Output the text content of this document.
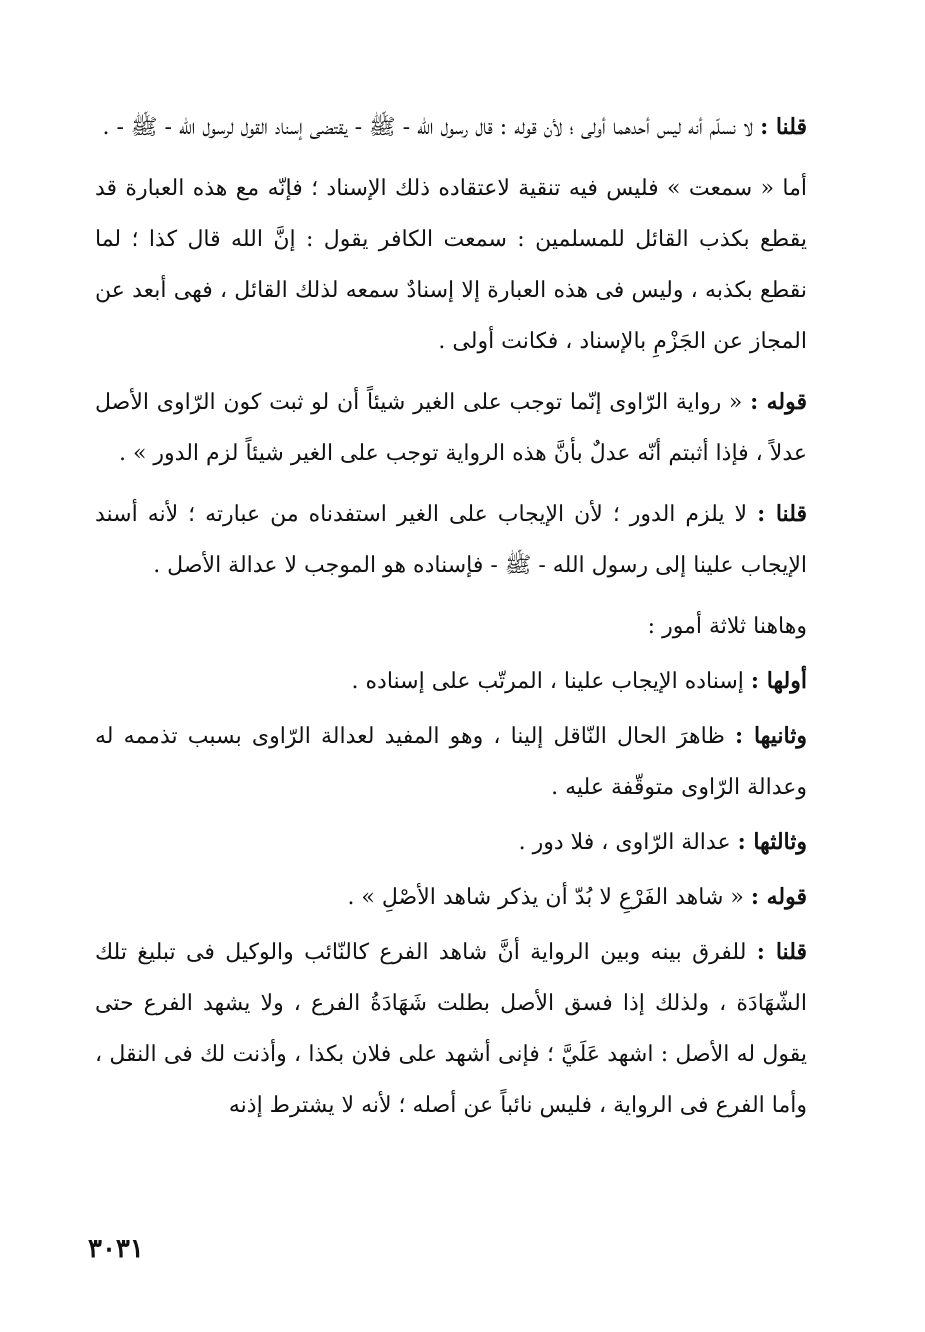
قلنا : لا نسلّم أنه ليس أحدهما أولى ؛ لأن قوله : قال رسول الله - ﷺ - يقتضى إسناد القول لرسول الله - ﷺ - .

أما « سمعت » فليس فيه تنقية لاعتقاده ذلك الإسناد ؛ فإنّه مع هذه العبارة قد يقطع بكذب القائل للمسلمين : سمعت الكافر يقول : إنَّ الله قال كذا ؛ لما نقطع بكذبه ، وليس فى هذه العبارة إلا إسنادٌ سمعه لذلك القائل ، فهى أبعد عن المجاز عن الجَزْمِ بالإسناد ، فكانت أولى .

قوله : « رواية الرّاوى إنّما توجب على الغير شيئاً أن لو ثبت كون الرّاوى الأصل عدلاً ، فإذا أثبتم أنّه عدلٌ بأنَّ هذه الرواية توجب على الغير شيئاً لزم الدور » .

قلنا : لا يلزم الدور ؛ لأن الإيجاب على الغير استفدناه من عبارته ؛ لأنه أسند الإيجاب علينا إلى رسول الله - ﷺ - فإسناده هو الموجب لا عدالة الأصل .

وهاهنا ثلاثة أمور :

أولها : إسناده الإيجاب علينا ، المرتّب على إسناده .

وثانيها : ظاهرَ الحال النّاقل إلينا ، وهو المفيد لعدالة الرّاوى بسبب تذممه له وعدالة الرّاوى متوقّفة عليه .

وثالثها : عدالة الرّاوى ، فلا دور .

قوله : « شاهد الفَرْعِ لا بُدّ أن يذكر شاهد الأصْلِ » .

قلنا : للفرق بينه وبين الرواية أنَّ شاهد الفرع كالنّائب والوكيل فى تبليغ تلك الشّهَادَة ، ولذلك إذا فسق الأصل بطلت شَهَادَةُ الفرع ، ولا يشهد الفرع حتى يقول له الأصل : اشهد عَلَيَّ ؛ فإنى أشهد على فلان بكذا ، وأذنت لك فى النقل ، وأما الفرع فى الرواية ، فليس نائباً عن أصله ؛ لأنه لا يشترط إذنه

٣٠٣١
